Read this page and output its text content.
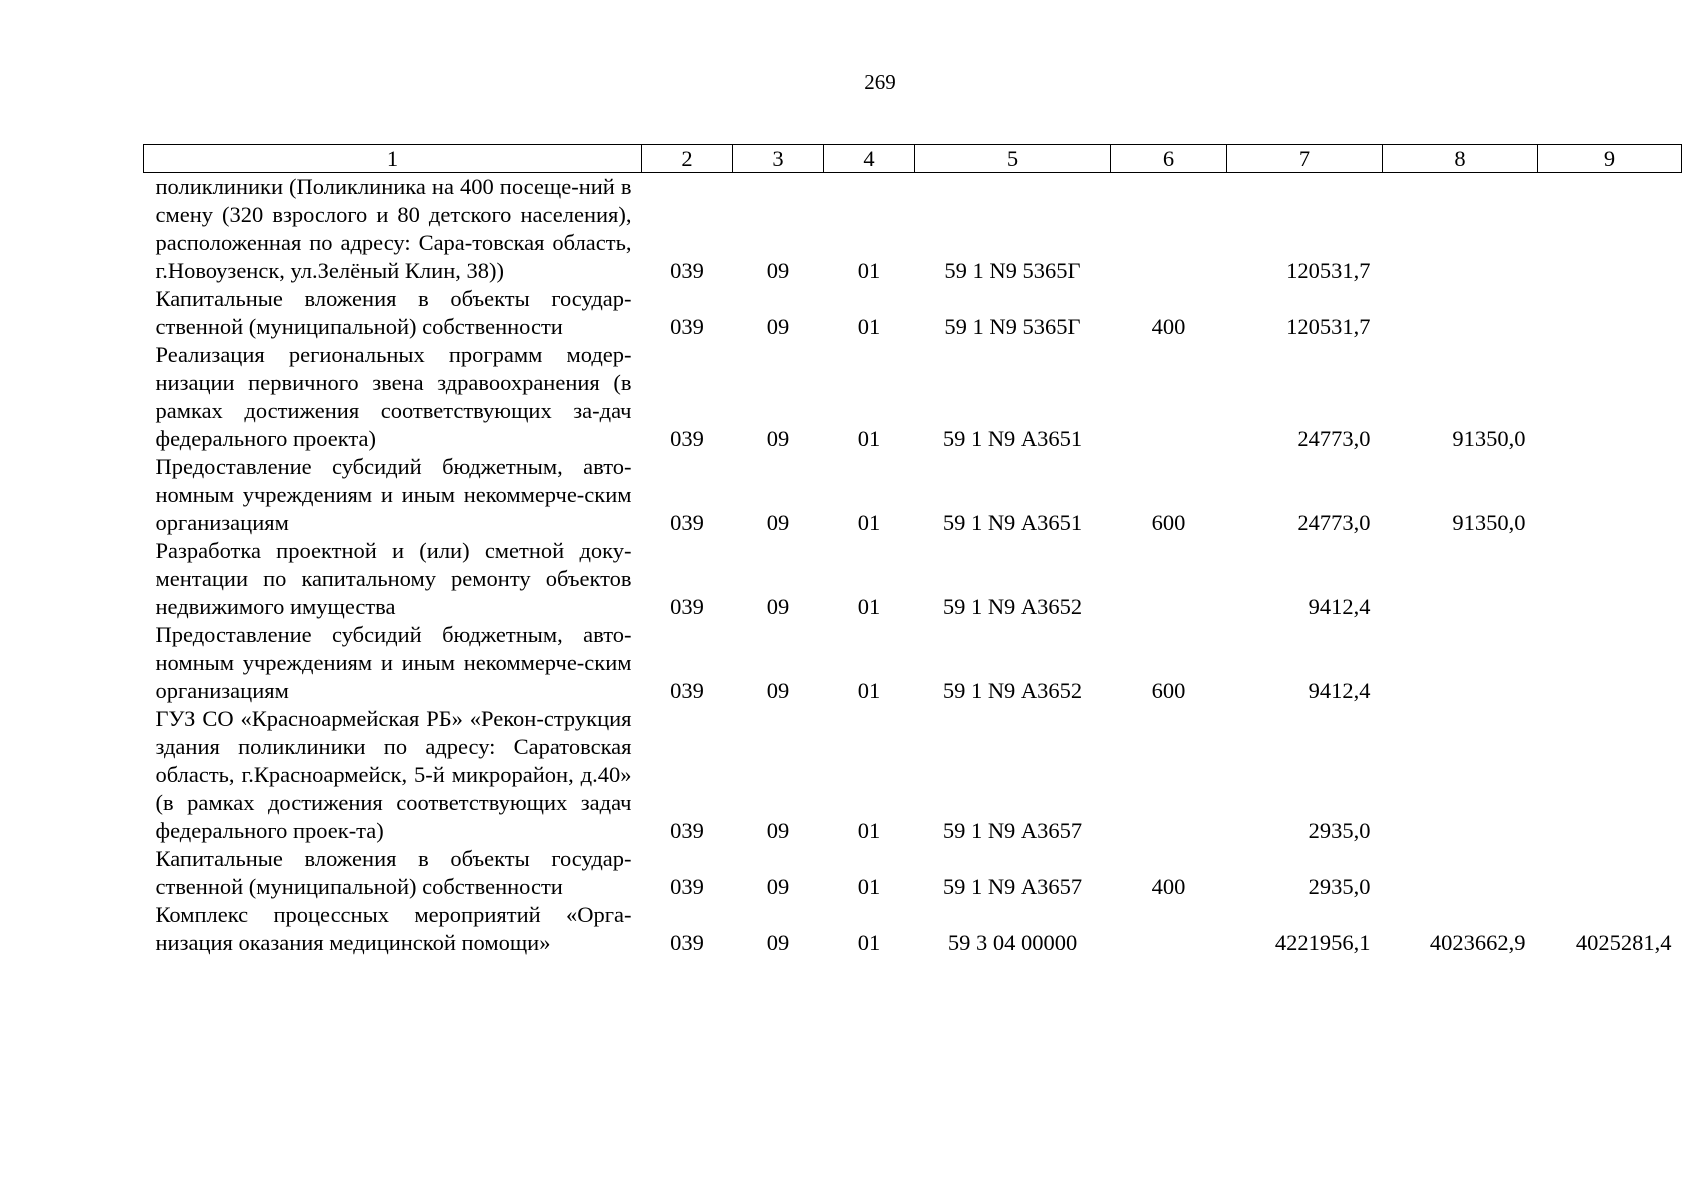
269
1	2	3	4	5	6	7	8	9
поликлиники (Поликлиника на 400 посеще-ний в смену (320 взрослого и 80 детского населения), расположенная по адресу: Сара-товская область, г.Новоузенск, ул.Зелёный Клин, 38))	039	09	01	59 1 N9 5365Г		120531,7		
Капитальные вложения в объекты государ-ственной (муниципальной) собственности	039	09	01	59 1 N9 5365Г	400	120531,7		
Реализация региональных программ модер-низации первичного звена здравоохранения (в рамках достижения соответствующих за-дач федерального проекта)	039	09	01	59 1 N9 А3651		24773,0	91350,0	
Предоставление субсидий бюджетным, авто-номным учреждениям и иным некоммерче-ским организациям	039	09	01	59 1 N9 А3651	600	24773,0	91350,0	
Разработка проектной и (или) сметной доку-ментации по капитальному ремонту объектов недвижимого имущества	039	09	01	59 1 N9 А3652		9412,4		
Предоставление субсидий бюджетным, авто-номным учреждениям и иным некоммерче-ским организациям	039	09	01	59 1 N9 А3652	600	9412,4		
ГУЗ СО «Красноармейская РБ» «Рекон-струкция здания поликлиники по адресу: Саратовская область, г.Красноармейск, 5-й микрорайон, д.40» (в рамках достижения соответствующих задач федерального проек-та)	039	09	01	59 1 N9 А3657		2935,0		
Капитальные вложения в объекты государ-ственной (муниципальной) собственности	039	09	01	59 1 N9 А3657	400	2935,0		
Комплекс процессных мероприятий «Орга-низация оказания медицинской помощи»	039	09	01	59 3 04 00000		4221956,1	4023662,9	4025281,4
